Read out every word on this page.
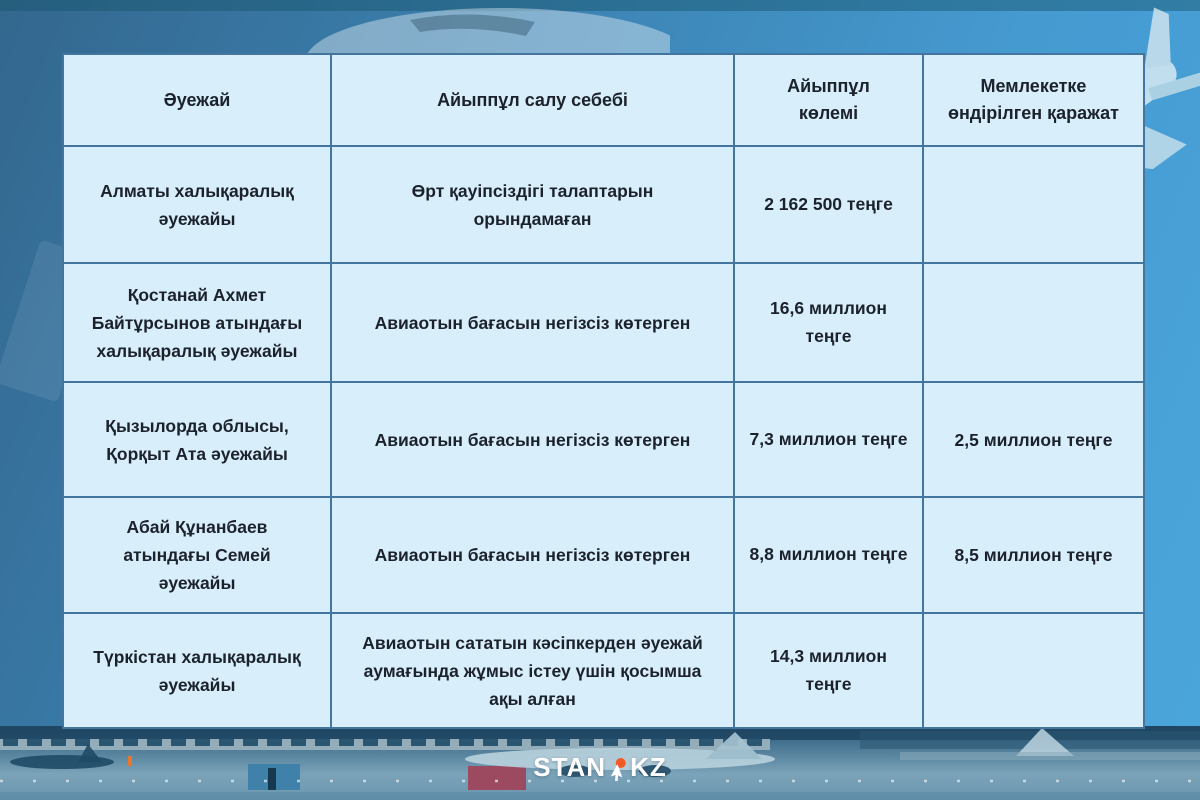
Әуежай	Айыппұл салу себебі	Айыппұл көлемі	Мемлекетке өндірілген қаражат
Алматы халықаралық әуежайы	Өрт қауіпсіздігі талаптарын орындамаған	2 162 500 теңге	
Қостанай Ахмет Байтұрсынов атындағы халықаралық әуежайы	Авиаотын бағасын негізсіз көтерген	16,6 миллион теңге	
Қызылорда облысы, Қорқыт Ата әуежайы	Авиаотын бағасын негізсіз көтерген	7,3 миллион теңге	2,5 миллион теңге
Абай Құнанбаев атындағы Семей әуежайы	Авиаотын бағасын негізсіз көтерген	8,8 миллион теңге	8,5 миллион теңге
Түркістан халықаралық әуежайы	Авиаотын сататын кәсіпкерден әуежай аумағында жұмыс істеу үшін қосымша ақы алған	14,3 миллион теңге	
STAN KZ
